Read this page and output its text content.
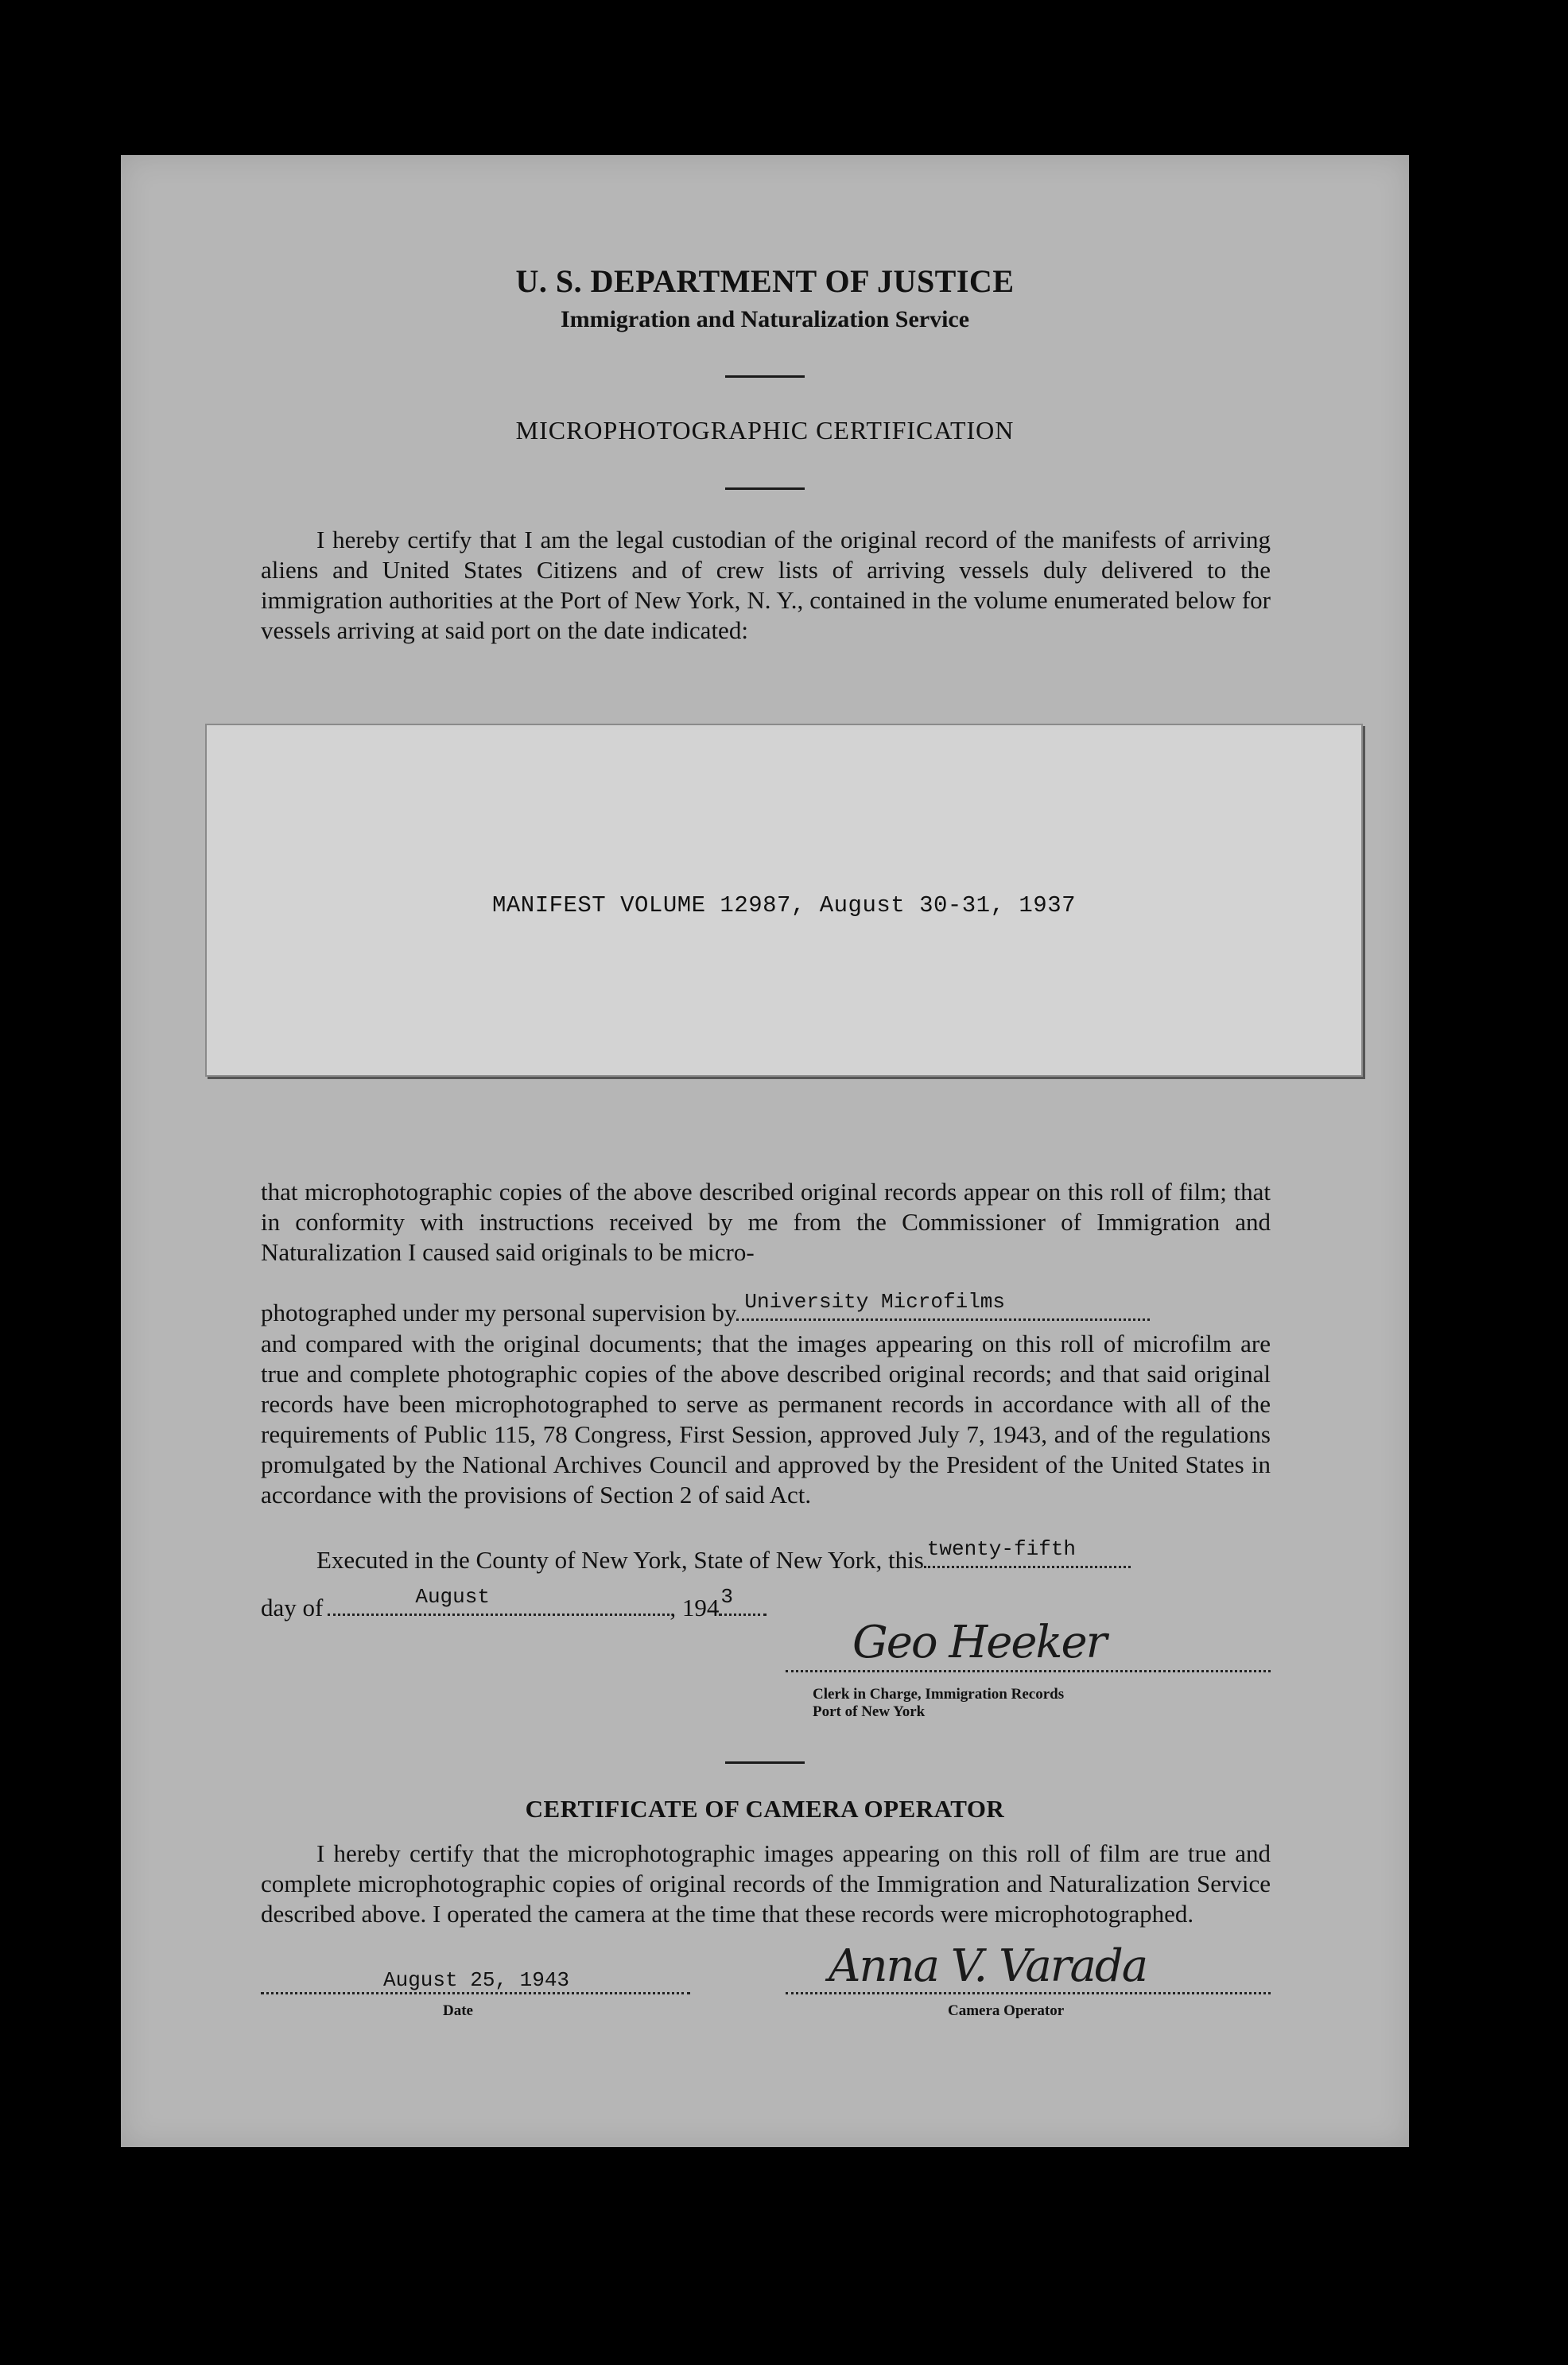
U. S. DEPARTMENT OF JUSTICE
Immigration and Naturalization Service
MICROPHOTOGRAPHIC CERTIFICATION
I hereby certify that I am the legal custodian of the original record of the manifests of arriving aliens and United States Citizens and of crew lists of arriving vessels duly delivered to the immigration authorities at the Port of New York, N. Y., contained in the volume enumerated below for vessels arriving at said port on the date indicated:
MANIFEST VOLUME 12987, August 30-31, 1937
that microphotographic copies of the above described original records appear on this roll of film; that in conformity with instructions received by me from the Commissioner of Immigration and Naturalization I caused said originals to be micro-
photographed under my personal supervision by University Microfilms
and compared with the original documents; that the images appearing on this roll of microfilm are true and complete photographic copies of the above described original records; and that said original records have been microphotographed to serve as permanent records in accordance with all of the requirements of Public 115, 78 Congress, First Session, approved July 7, 1943, and of the regulations promulgated by the National Archives Council and approved by the President of the United States in accordance with the provisions of Section 2 of said Act.
Executed in the County of New York, State of New York, this twenty-fifth
day of	August	, 194 3
Geo Heeker
Clerk in Charge, Immigration Records
Port of New York
CERTIFICATE OF CAMERA OPERATOR
I hereby certify that the microphotographic images appearing on this roll of film are true and complete microphotographic copies of original records of the Immigration and Naturalization Service described above. I operated the camera at the time that these records were microphotographed.
August 25, 1943
Date
Anna V. Varada
Camera Operator
